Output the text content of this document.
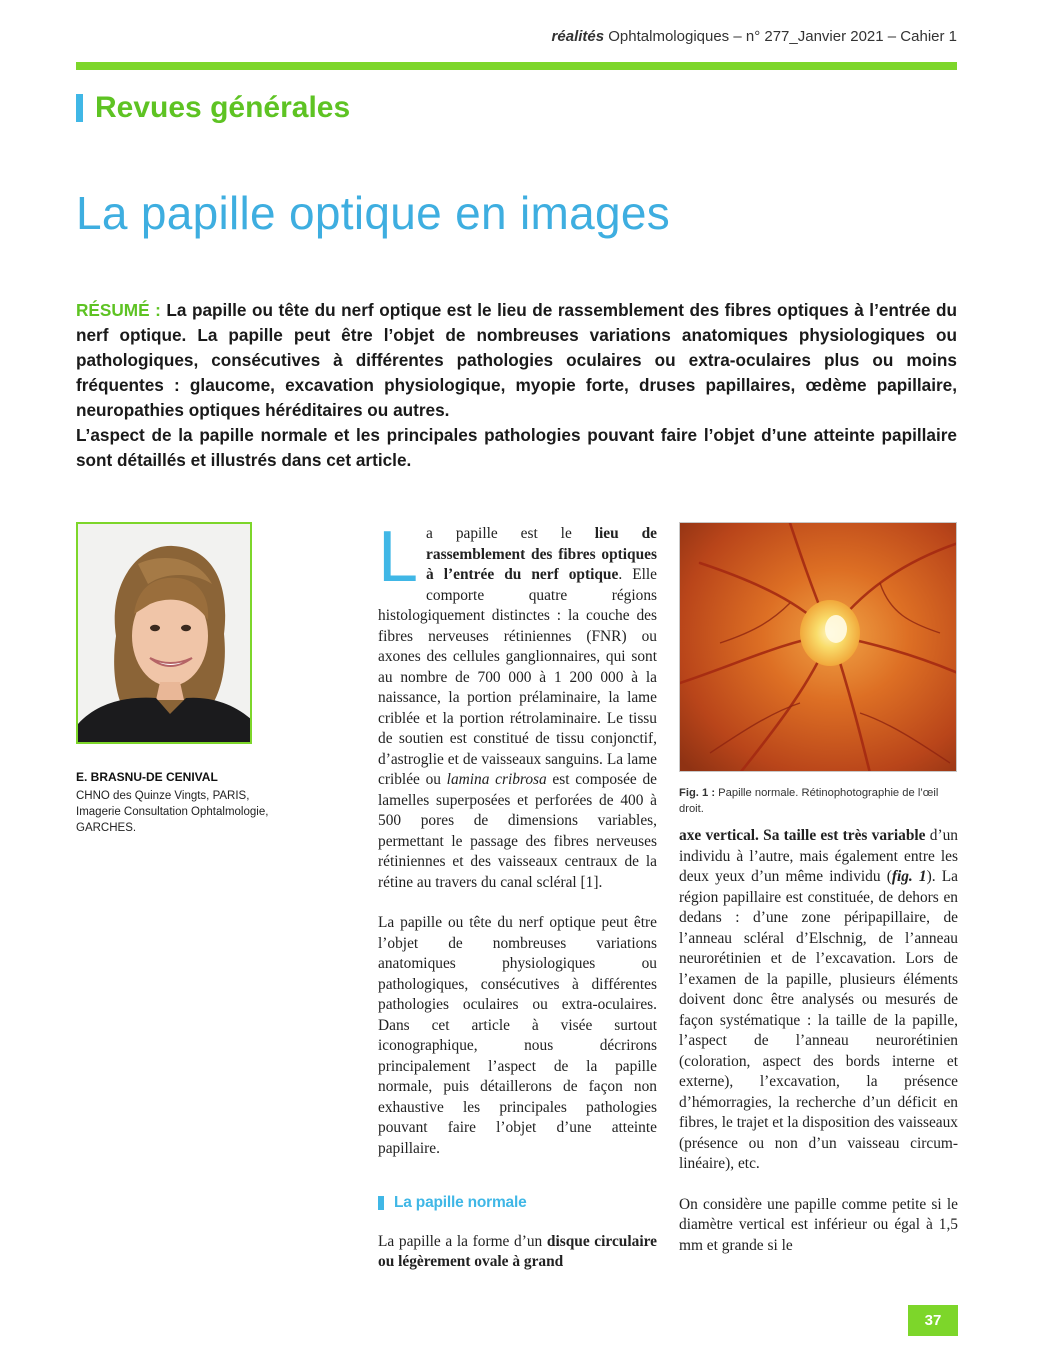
réalités Ophtalmologiques – n° 277_Janvier 2021 – Cahier 1
Revues générales
La papille optique en images

RÉSUMÉ : La papille ou tête du nerf optique est le lieu de rassemblement des fibres optiques à l’entrée du nerf optique. La papille peut être l’objet de nombreuses variations anatomiques physiologiques ou pathologiques, consécutives à différentes pathologies oculaires ou extra-oculaires plus ou moins fréquentes : glaucome, excavation physiologique, myopie forte, druses papillaires, œdème papillaire, neuropathies optiques héréditaires ou autres.

L’aspect de la papille normale et les principales pathologies pouvant faire l’objet d’une atteinte papillaire sont détaillés et illustrés dans cet article.

E. BRASNU-DE CENIVAL
CHNO des Quinze Vingts, PARIS,
Imagerie Consultation Ophtalmologie,
GARCHES.

La papille est le lieu de rassemblement des fibres optiques à l’entrée du nerf optique. Elle comporte quatre régions histologiquement distinctes : la couche des fibres nerveuses rétiniennes (FNR) ou axones des cellules ganglionnaires, qui sont au nombre de 700 000 à 1 200 000 à la naissance, la portion prélaminaire, la lame criblée et la portion rétrolaminaire. Le tissu de soutien est constitué de tissu conjonctif, d’astroglie et de vaisseaux sanguins. La lame criblée ou lamina cribrosa est composée de lamelles superposées et perforées de 400 à 500 pores de dimensions variables, permettant le passage des fibres nerveuses rétiniennes et des vaisseaux centraux de la rétine au travers du canal scléral [1].

La papille ou tête du nerf optique peut être l’objet de nombreuses variations anatomiques physiologiques ou pathologiques, consécutives à différentes pathologies oculaires ou extra-oculaires. Dans cet article à visée surtout iconographique, nous décrirons principalement l’aspect de la papille normale, puis détaillerons de façon non exhaustive les principales pathologies pouvant faire l’objet d’une atteinte papillaire.

La papille normale

La papille a la forme d’un disque circulaire ou légèrement ovale à grand

Fig. 1 : Papille normale. Rétinophotographie de l’œil droit.

axe vertical. Sa taille est très variable d’un individu à l’autre, mais également entre les deux yeux d’un même individu (fig. 1). La région papillaire est constituée, de dehors en dedans : d’une zone péripapillaire, de l’anneau scléral d’Elschnig, de l’anneau neurorétinien et de l’excavation. Lors de l’examen de la papille, plusieurs éléments doivent donc être analysés ou mesurés de façon systématique : la taille de la papille, l’aspect de l’anneau neurorétinien (coloration, aspect des bords interne et externe), l’excavation, la présence d’hémorragies, la recherche d’un déficit en fibres, le trajet et la disposition des vaisseaux (présence ou non d’un vaisseau circum-linéaire), etc.

On considère une papille comme petite si le diamètre vertical est inférieur ou égal à 1,5 mm et grande si le

37
